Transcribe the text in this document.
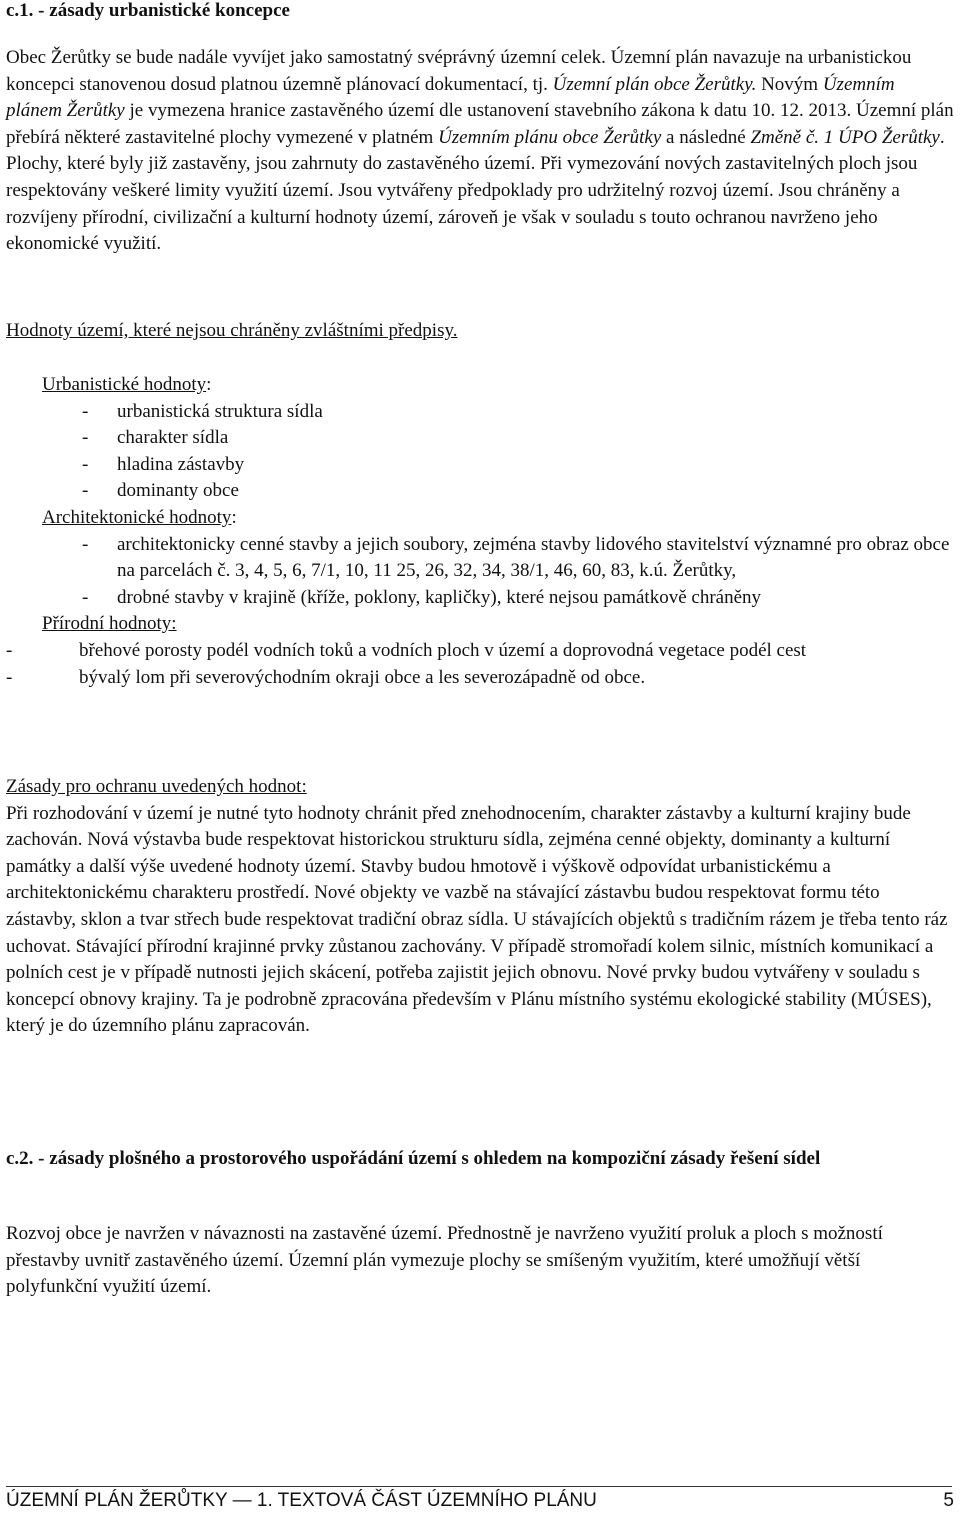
c.1. - zásady urbanistické koncepce

Obec Žerůtky se bude nadále vyvíjet jako samostatný svéprávný územní celek. Územní plán navazuje na urbanistickou koncepci stanovenou dosud platnou územně plánovací dokumentací, tj. Územní plán obce Žerůtky. Novým Územním plánem Žerůtky je vymezena hranice zastavěného území dle ustanovení stavebního zákona k datu 10. 12. 2013. Územní plán přebírá některé zastavitelné plochy vymezené v platném Územním plánu obce Žerůtky a následné Změně č. 1 ÚPO Žerůtky. Plochy, které byly již zastavěny, jsou zahrnuty do zastavěného území. Při vymezování nových zastavitelných ploch jsou respektovány veškeré limity využití území. Jsou vytvářeny předpoklady pro udržitelný rozvoj území. Jsou chráněny a rozvíjeny přírodní, civilizační a kulturní hodnoty území, zároveň je však v souladu s touto ochranou navrženo jeho ekonomické využití.

Hodnoty území, které nejsou chráněny zvláštními předpisy.

Urbanistické hodnoty:

- urbanistická struktura sídla
- charakter sídla
- hladina zástavby
- dominanty obce

Architektonické hodnoty:

- architektonicky cenné stavby a jejich soubory, zejména stavby lidového stavitelství významné pro obraz obce na parcelách č. 3, 4, 5, 6, 7/1, 10, 11 25, 26, 32, 34, 38/1, 46, 60, 83, k.ú. Žerůtky,
- drobné stavby v krajině (kříže, poklony, kapličky), které nejsou památkově chráněny

Přírodní hodnoty:

-	břehové porosty podél vodních toků a vodních ploch v území a doprovodná vegetace podél cest
-	bývalý lom při severovýchodním okraji obce a les severozápadně od obce.

Zásady pro ochranu uvedených hodnot:

Při rozhodování v území je nutné tyto hodnoty chránit před znehodnocením, charakter zástavby a kulturní krajiny bude zachován. Nová výstavba bude respektovat historickou strukturu sídla, zejména cenné objekty, dominanty a kulturní památky a další výše uvedené hodnoty území. Stavby budou hmotově i výškově odpovídat urbanistickému a architektonickému charakteru prostředí. Nové objekty ve vazbě na stávající zástavbu budou respektovat formu této zástavby, sklon a tvar střech bude respektovat tradiční obraz sídla. U stávajících objektů s tradičním rázem je třeba tento ráz uchovat. Stávající přírodní krajinné prvky zůstanou zachovány. V případě stromořadí kolem silnic, místních komunikací a polních cest je v případě nutnosti jejich skácení, potřeba zajistit jejich obnovu. Nové prvky budou vytvářeny v souladu s koncepcí obnovy krajiny. Ta je podrobně zpracována především v Plánu místního systému ekologické stability (MÚSES), který je do územního plánu zapracován.

c.2. - zásady plošného a prostorového uspořádání území s ohledem na kompoziční zásady řešení sídel

Rozvoj obce je navržen v návaznosti na zastavěné území. Přednostně je navrženo využití proluk a ploch s možností přestavby uvnitř zastavěného území. Územní plán vymezuje plochy se smíšeným využitím, které umožňují větší polyfunkční využití území.

ÚZEMNÍ PLÁN ŽERŮTKY — 1. TEXTOVÁ ČÁST ÚZEMNÍHO PLÁNU	5
